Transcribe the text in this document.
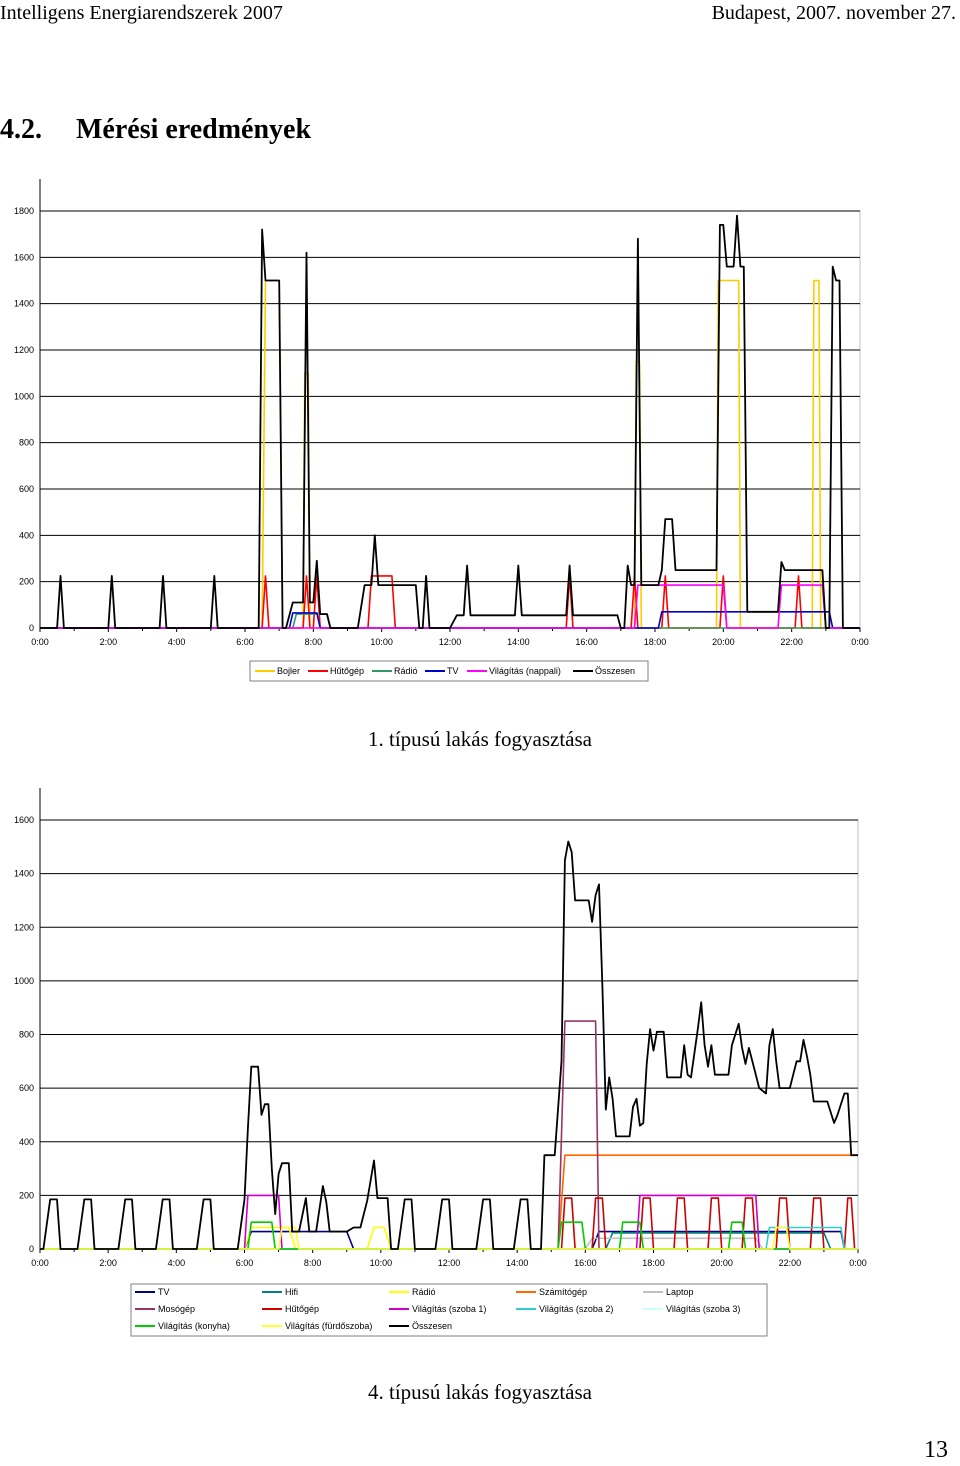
Intelligens Energiarendszerek 2007	Budapest, 2007. november 27.
4.2. Mérési eredmények
0
200
400
600
800
1000
1200
1400
1600
1800
0:00	2:00	4:00	6:00	8:00	10:00	12:00	14:00	16:00	18:00	20:00	22:00	0:00
Bojler	Hűtőgép	Rádió	TV	Világítás (nappali)	Összesen
1. típusú lakás fogyasztása
0
200
400
600
800
1000
1200
1400
1600
0:00	2:00	4:00	6:00	8:00	10:00	12:00	14:00	16:00	18:00	20:00	22:00	0:00
TV	Hifi	Rádió	Számítógép	Laptop
Mosógép	Hűtőgép	Világítás (szoba 1)	Világítás (szoba 2)	Világítás (szoba 3)
Világítás (konyha)	Világítás (fürdőszoba)	Összesen
4. típusú lakás fogyasztása
13
